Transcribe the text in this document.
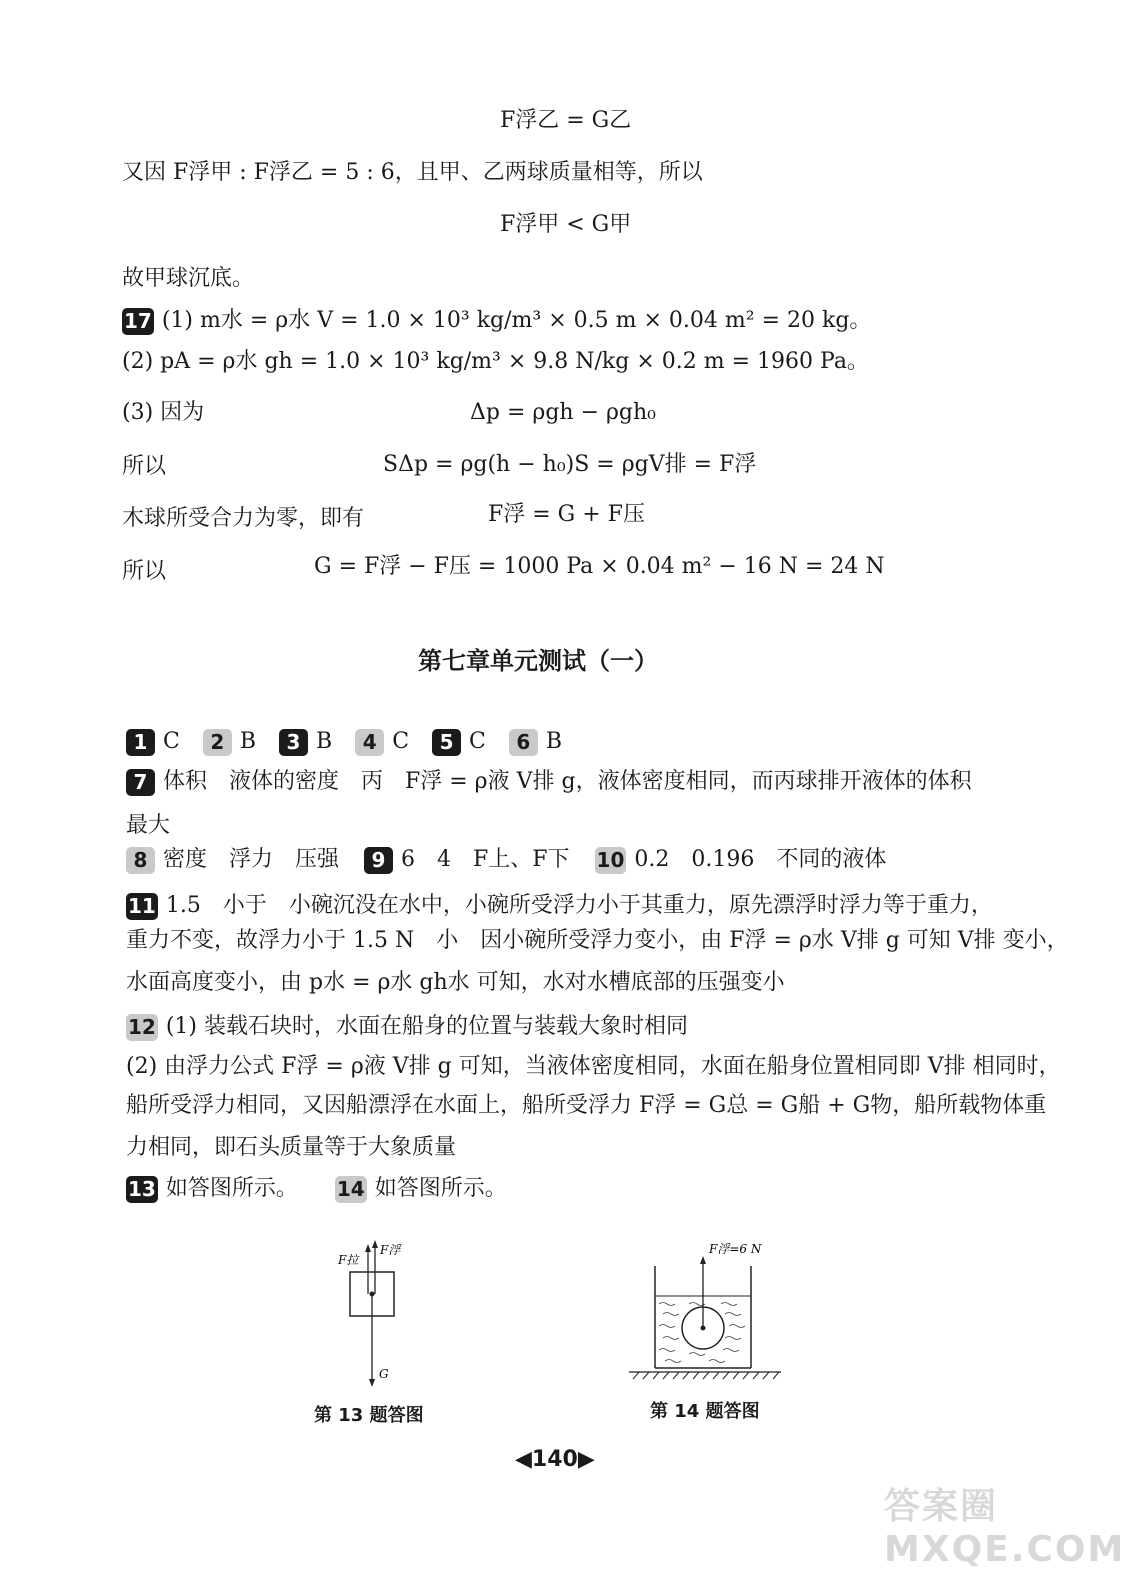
F浮乙 = G乙
又因 F浮甲 : F浮乙 = 5 : 6，且甲、乙两球质量相等，所以
F浮甲 < G甲
故甲球沉底。
17 (1) m水 = ρ水 V = 1.0 × 10³ kg/m³ × 0.5 m × 0.04 m² = 20 kg。
(2) pA = ρ水 gh = 1.0 × 10³ kg/m³ × 9.8 N/kg × 0.2 m = 1960 Pa。
(3) 因为	Δp = ρgh − ρgh₀
所以	SΔp = ρg(h − h₀)S = ρgV排 = F浮
木球所受合力为零，即有	F浮 = G + F压
所以	G = F浮 − F压 = 1000 Pa × 0.04 m² − 16 N = 24 N
第七章单元测试（一）
1 C 2 B 3 B 4 C 5 C 6 B
7 体积　液体的密度　丙　F浮 = ρ液 V排 g，液体密度相同，而丙球排开液体的体积
最大
8 密度　浮力　压强 9 6　4　F上、F下 10 0.2　0.196　不同的液体
11 1.5　小于　小碗沉没在水中，小碗所受浮力小于其重力，原先漂浮时浮力等于重力，
重力不变，故浮力小于 1.5 N　小　因小碗所受浮力变小，由 F浮 = ρ水 V排 g 可知 V排 变小，
水面高度变小，由 p水 = ρ水 gh水 可知，水对水槽底部的压强变小
12 (1) 装载石块时，水面在船身的位置与装载大象时相同
(2) 由浮力公式 F浮 = ρ液 V排 g 可知，当液体密度相同，水面在船身位置相同即 V排 相同时，
船所受浮力相同，又因船漂浮在水面上，船所受浮力 F浮 = G总 = G船 + G物，船所载物体重
力相同，即石头质量等于大象质量
13 如答图所示。 14 如答图所示。
F拉
F浮
G
第 13 题答图
F浮=6 N
第 14 题答图
◀140▶
答案圈 MXQE.COM
